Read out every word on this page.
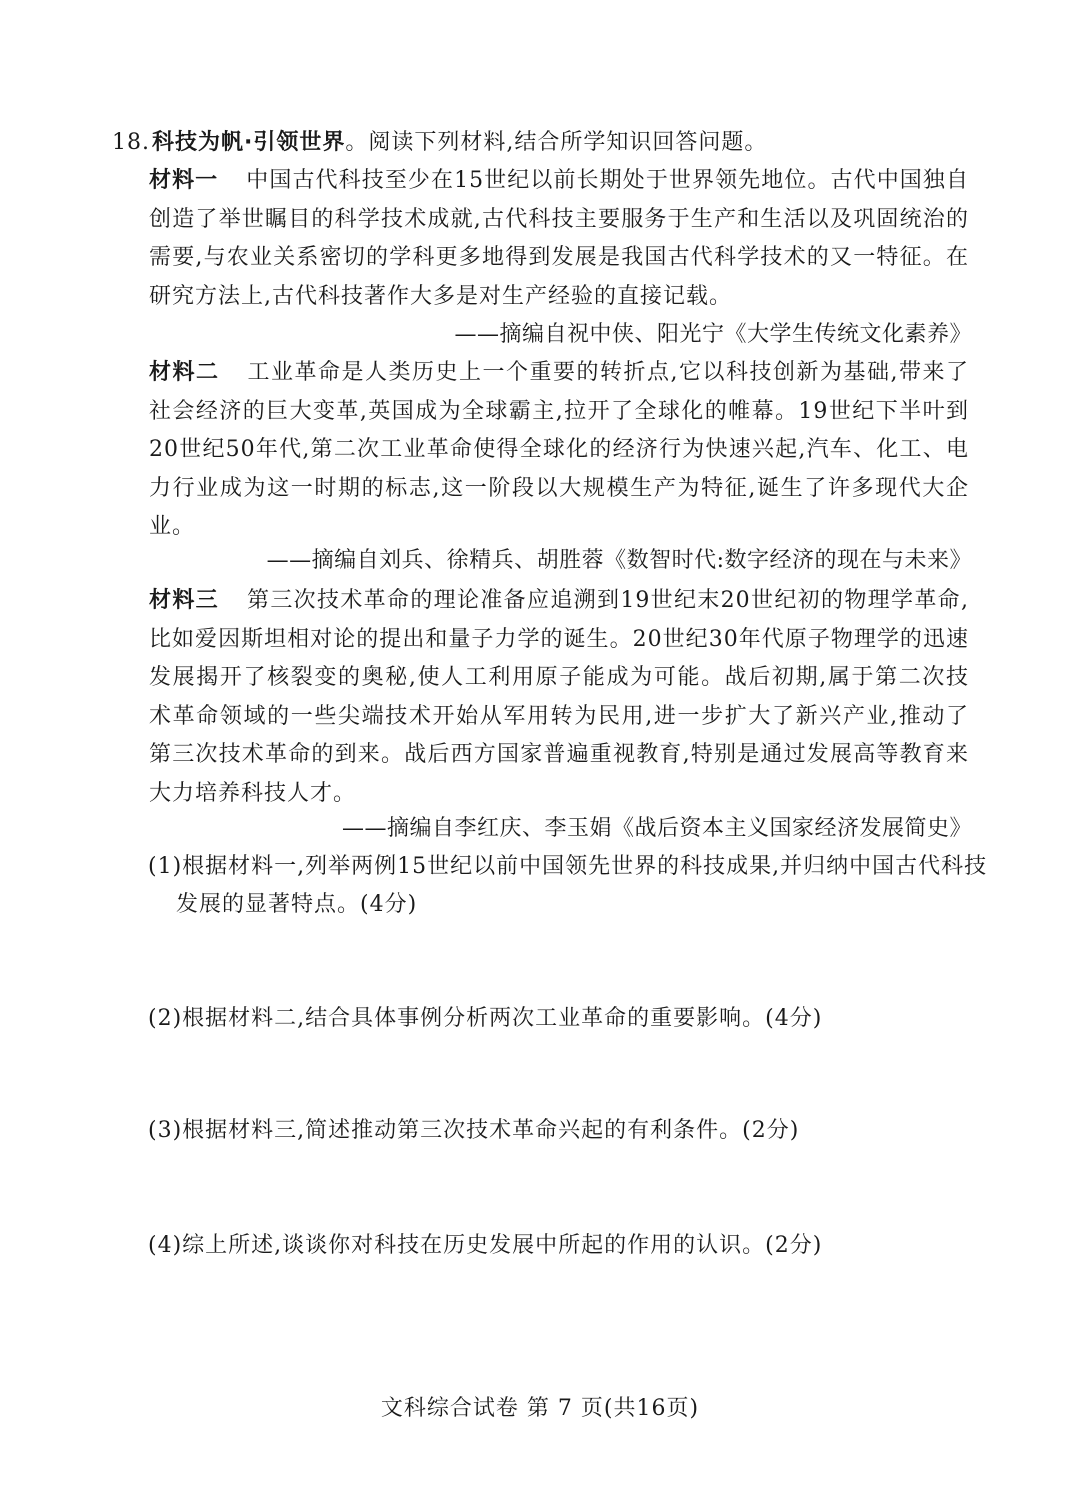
18.科技为帆·引领世界。阅读下列材料,结合所学知识回答问题。
材料一 中国古代科技至少在15世纪以前长期处于世界领先地位。古代中国独自创造了举世瞩目的科学技术成就,古代科技主要服务于生产和生活以及巩固统治的需要,与农业关系密切的学科更多地得到发展是我国古代科学技术的又一特征。在研究方法上,古代科技著作大多是对生产经验的直接记载。
——摘编自祝中侠、阳光宁《大学生传统文化素养》
材料二 工业革命是人类历史上一个重要的转折点,它以科技创新为基础,带来了社会经济的巨大变革,英国成为全球霸主,拉开了全球化的帷幕。19世纪下半叶到20世纪50年代,第二次工业革命使得全球化的经济行为快速兴起,汽车、化工、电力行业成为这一时期的标志,这一阶段以大规模生产为特征,诞生了许多现代大企业。
——摘编自刘兵、徐精兵、胡胜蓉《数智时代:数字经济的现在与未来》
材料三 第三次技术革命的理论准备应追溯到19世纪末20世纪初的物理学革命,比如爱因斯坦相对论的提出和量子力学的诞生。20世纪30年代原子物理学的迅速发展揭开了核裂变的奥秘,使人工利用原子能成为可能。战后初期,属于第二次技术革命领域的一些尖端技术开始从军用转为民用,进一步扩大了新兴产业,推动了第三次技术革命的到来。战后西方国家普遍重视教育,特别是通过发展高等教育来大力培养科技人才。
——摘编自李红庆、李玉娟《战后资本主义国家经济发展简史》
(1)根据材料一,列举两例15世纪以前中国领先世界的科技成果,并归纳中国古代科技发展的显著特点。(4分)
(2)根据材料二,结合具体事例分析两次工业革命的重要影响。(4分)
(3)根据材料三,简述推动第三次技术革命兴起的有利条件。(2分)
(4)综上所述,谈谈你对科技在历史发展中所起的作用的认识。(2分)
文科综合试卷 第 7 页(共16页)
